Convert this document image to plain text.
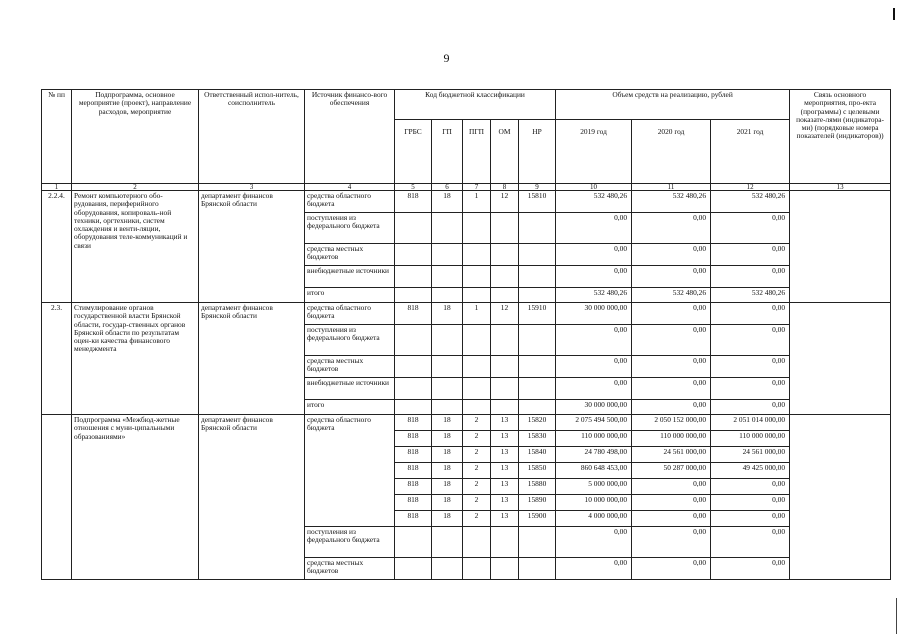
9
№ пп	Подпрограмма, основное мероприятие (проект), направление расходов, мероприятие	Ответственный испол-нитель, соисполнитель	Источник финансо-вого обеспечения	Код бюджетной классификации					Объем средств на реализацию, рублей			Связь основного мероприятия, про-екта (программы) с целевыми показате-лями (индикатора-ми) (порядковые номера показателей (индикаторов))
				ГРБС	ГП	ПГП	ОМ	НР	2019 год	2020 год	2021 год	
1	2	3	4	5	6	7	8	9	10	11	12	13
2.2.4.	Ремонт компьютерного обо-рудования, периферийного оборудования, копироваль-ной техники, оргтехники, систем охлаждения и венти-ляции, оборудования теле-коммуникаций и связи	департамент финансов Брянской области	средства областного бюджета	818	18	1	12	15810	532 480,26	532 480,26	532 480,26	
			поступления из федерального бюджета						0,00	0,00	0,00	
			средства местных бюджетов						0,00	0,00	0,00	
			внебюджетные источники						0,00	0,00	0,00	
			итого						532 480,26	532 480,26	532 480,26	
2.3.	Стимулирование органов государственной власти Брянской области, государ-ственных органов Брянской области по результатам оцен-ки качества финансового менеджмента	департамент финансов Брянской области	средства областного бюджета	818	18	1	12	15910	30 000 000,00	0,00	0,00	
			поступления из федерального бюджета						0,00	0,00	0,00	
			средства местных бюджетов						0,00	0,00	0,00	
			внебюджетные источники						0,00	0,00	0,00	
			итого						30 000 000,00	0,00	0,00	
	Подпрограмма «Межбюд-жетные отношения с муни-ципальными образованиями»	департамент финансов Брянской области	средства областного бюджета	818	18	2	13	15820	2 075 494 500,00	2 050 152 000,00	2 051 014 000,00	
				818	18	2	13	15830	110 000 000,00	110 000 000,00	110 000 000,00	
				818	18	2	13	15840	24 780 498,00	24 561 000,00	24 561 000,00	
				818	18	2	13	15850	860 648 453,00	50 287 000,00	49 425 000,00	
				818	18	2	13	15880	5 000 000,00	0,00	0,00	
				818	18	2	13	15890	10 000 000,00	0,00	0,00	
				818	18	2	13	15900	4 000 000,00	0,00	0,00	
			поступления из федерального бюджета						0,00	0,00	0,00	
			средства местных бюджетов						0,00	0,00	0,00	
